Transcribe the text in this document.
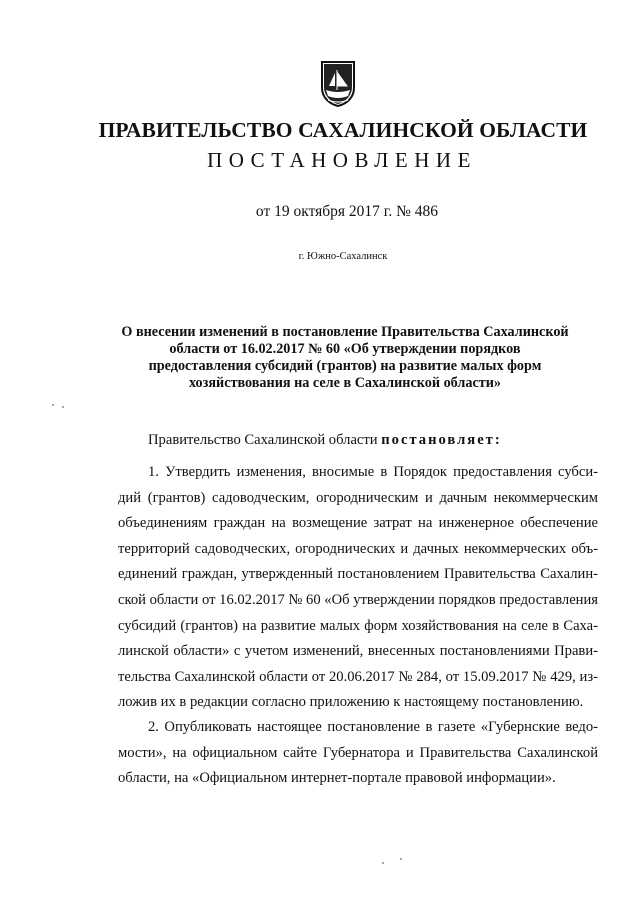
ПРАВИТЕЛЬСТВО САХАЛИНСКОЙ ОБЛАСТИ
ПОСТАНОВЛЕНИЕ
от 19 октября 2017 г. № 486
г. Южно-Сахалинск
О внесении изменений в постановление Правительства Сахалинской
области от 16.02.2017 № 60 «Об утверждении порядков
предоставления субсидий (грантов) на развитие малых форм
хозяйствования на селе в Сахалинской области»
Правительство Сахалинской области постановляет:
1. Утвердить изменения, вносимые в Порядок предоставления субси-
дий (грантов) садоводческим, огородническим и дачным некоммерческим
объединениям граждан на возмещение затрат на инженерное обеспечение
территорий садоводческих, огороднических и дачных некоммерческих объ-
единений граждан, утвержденный постановлением Правительства Сахалин-
ской области от 16.02.2017 № 60 «Об утверждении порядков предоставления
субсидий (грантов) на развитие малых форм хозяйствования на селе в Саха-
линской области» с учетом изменений, внесенных постановлениями Прави-
тельства Сахалинской области от 20.06.2017 № 284, от 15.09.2017 № 429, из-
ложив их в редакции согласно приложению к настоящему постановлению.
2. Опубликовать настоящее постановление в газете «Губернские ведо-
мости», на официальном сайте Губернатора и Правительства Сахалинской
области, на «Официальном интернет-портале правовой информации».
